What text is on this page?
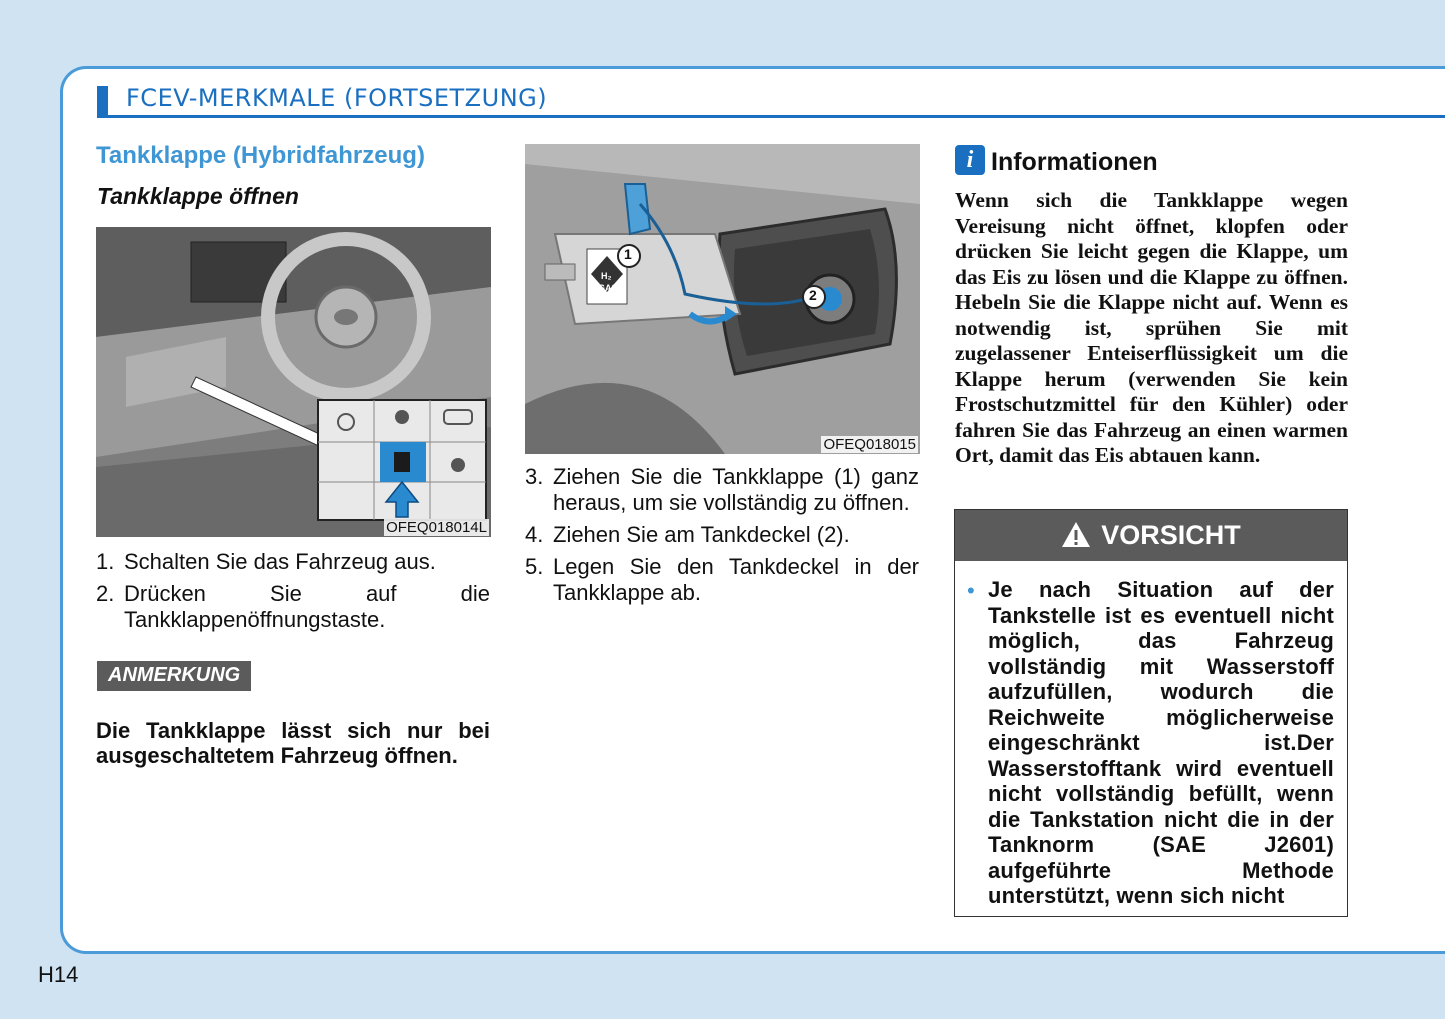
FCEV-MERKMALE (FORTSETZUNG)
Tankklappe (Hybridfahrzeug)
Tankklappe öffnen
OFEQ018014L
1
2
H₂
GAS
OFEQ018015
1. Schalten Sie das Fahrzeug aus.
2. Drücken Sie auf die Tankklappenöffnungstaste.
ANMERKUNG
Die Tankklappe lässt sich nur bei ausgeschaltetem Fahrzeug öffnen.
3. Ziehen Sie die Tankklappe (1) ganz heraus, um sie vollständig zu öffnen.
4. Ziehen Sie am Tankdeckel (2).
5. Legen Sie den Tankdeckel in der Tankklappe ab.
i Informationen
Wenn sich die Tankklappe wegen Vereisung nicht öffnet, klopfen oder drücken Sie leicht gegen die Klappe, um das Eis zu lösen und die Klappe zu öffnen. Hebeln Sie die Klappe nicht auf. Wenn es notwendig ist, sprühen Sie mit zugelassener Enteiserflüssigkeit um die Klappe herum (verwenden Sie kein Frostschutzmittel für den Kühler) oder fahren Sie das Fahrzeug an einen warmen Ort, damit das Eis abtauen kann.
VORSICHT
• Je nach Situation auf der Tankstelle ist es eventuell nicht möglich, das Fahrzeug vollständig mit Wasserstoff aufzufüllen, wodurch die Reichweite möglicherweise eingeschränkt ist.Der Wasserstofftank wird eventuell nicht vollständig befüllt, wenn die Tankstation nicht die in der Tanknorm (SAE J2601) aufgeführte Methode unterstützt, wenn sich nicht
H14
